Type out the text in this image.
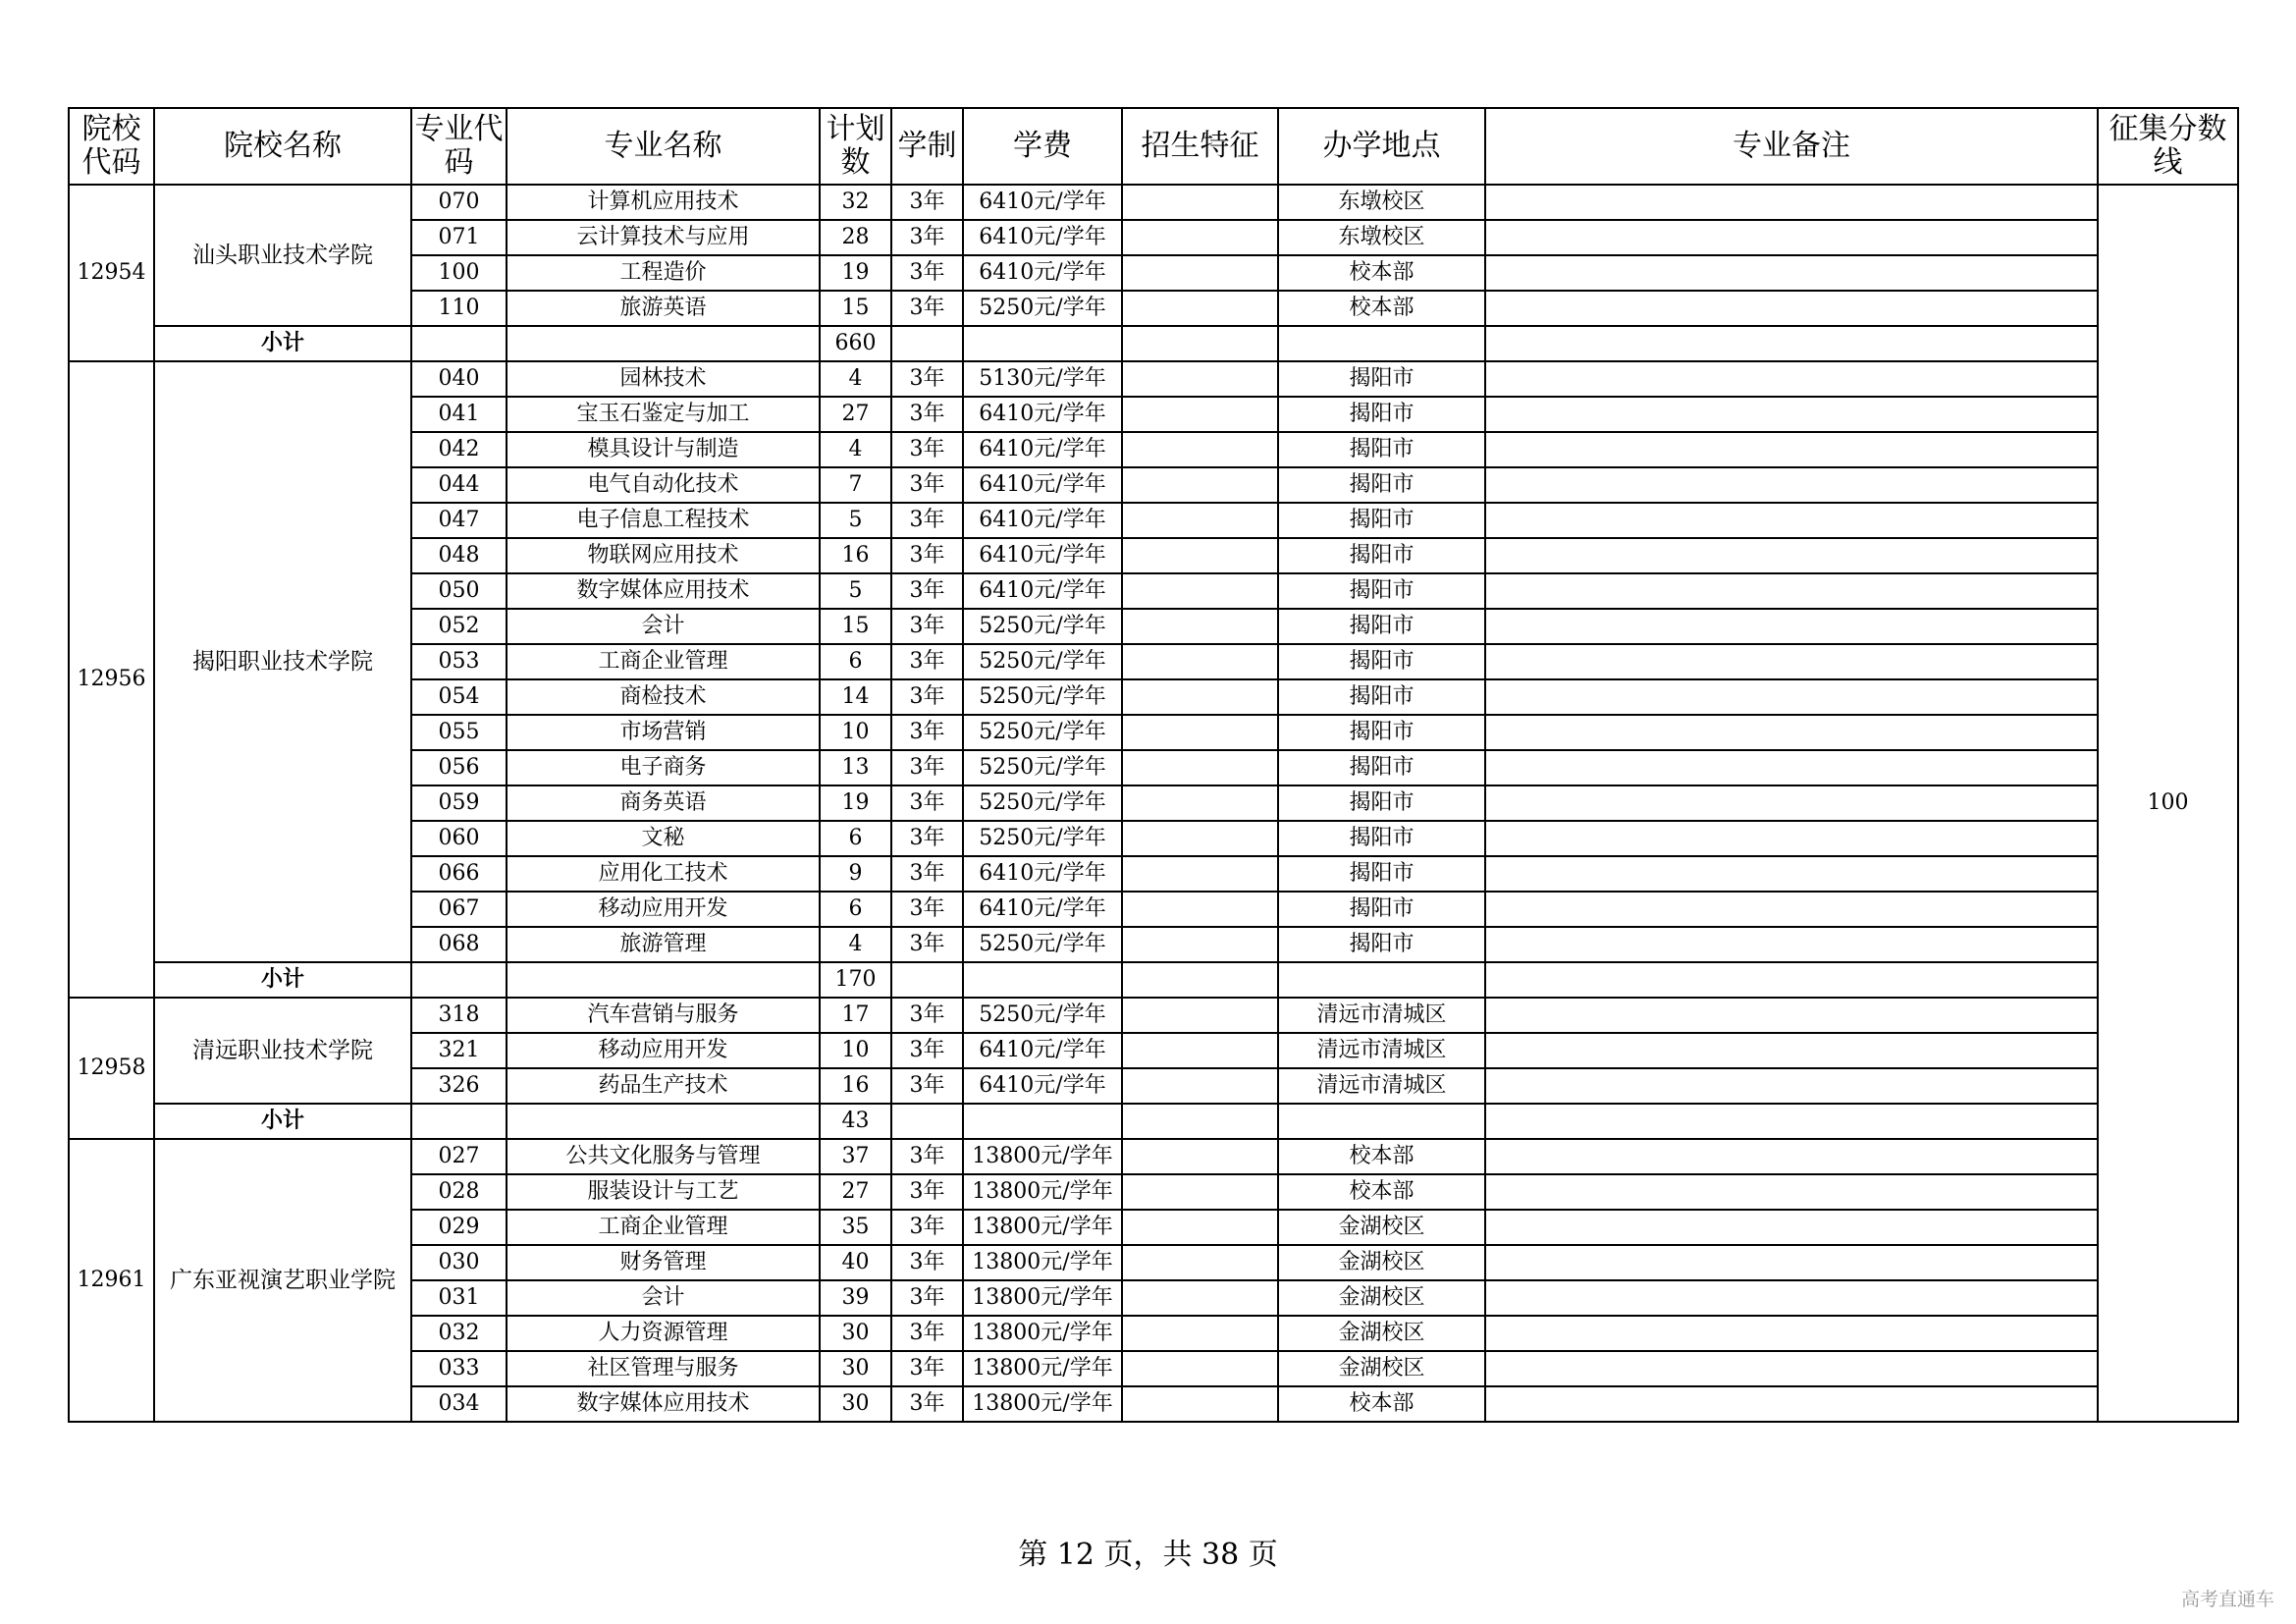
院校代码	院校名称	专业代码	专业名称	计划数	学制	学费	招生特征	办学地点	专业备注	征集分数线
12954	汕头职业技术学院	070	计算机应用技术	32	3年	6410元/学年		东墩校区		100
		071	云计算技术与应用	28	3年	6410元/学年		东墩校区		
		100	工程造价	19	3年	6410元/学年		校本部		
		110	旅游英语	15	3年	5250元/学年		校本部		
	小计			660						
12956	揭阳职业技术学院	040	园林技术	4	3年	5130元/学年		揭阳市		
		041	宝玉石鉴定与加工	27	3年	6410元/学年		揭阳市		
		042	模具设计与制造	4	3年	6410元/学年		揭阳市		
		044	电气自动化技术	7	3年	6410元/学年		揭阳市		
		047	电子信息工程技术	5	3年	6410元/学年		揭阳市		
		048	物联网应用技术	16	3年	6410元/学年		揭阳市		
		050	数字媒体应用技术	5	3年	6410元/学年		揭阳市		
		052	会计	15	3年	5250元/学年		揭阳市		
		053	工商企业管理	6	3年	5250元/学年		揭阳市		
		054	商检技术	14	3年	5250元/学年		揭阳市		
		055	市场营销	10	3年	5250元/学年		揭阳市		
		056	电子商务	13	3年	5250元/学年		揭阳市		
		059	商务英语	19	3年	5250元/学年		揭阳市		
		060	文秘	6	3年	5250元/学年		揭阳市		
		066	应用化工技术	9	3年	6410元/学年		揭阳市		
		067	移动应用开发	6	3年	6410元/学年		揭阳市		
		068	旅游管理	4	3年	5250元/学年		揭阳市		
	小计			170						
12958	清远职业技术学院	318	汽车营销与服务	17	3年	5250元/学年		清远市清城区		
		321	移动应用开发	10	3年	6410元/学年		清远市清城区		
		326	药品生产技术	16	3年	6410元/学年		清远市清城区		
	小计			43						
12961	广东亚视演艺职业学院	027	公共文化服务与管理	37	3年	13800元/学年		校本部		
		028	服装设计与工艺	27	3年	13800元/学年		校本部		
		029	工商企业管理	35	3年	13800元/学年		金湖校区		
		030	财务管理	40	3年	13800元/学年		金湖校区		
		031	会计	39	3年	13800元/学年		金湖校区		
		032	人力资源管理	30	3年	13800元/学年		金湖校区		
		033	社区管理与服务	30	3年	13800元/学年		金湖校区		
		034	数字媒体应用技术	30	3年	13800元/学年		校本部		
第 12 页，共 38 页
高考直通车
